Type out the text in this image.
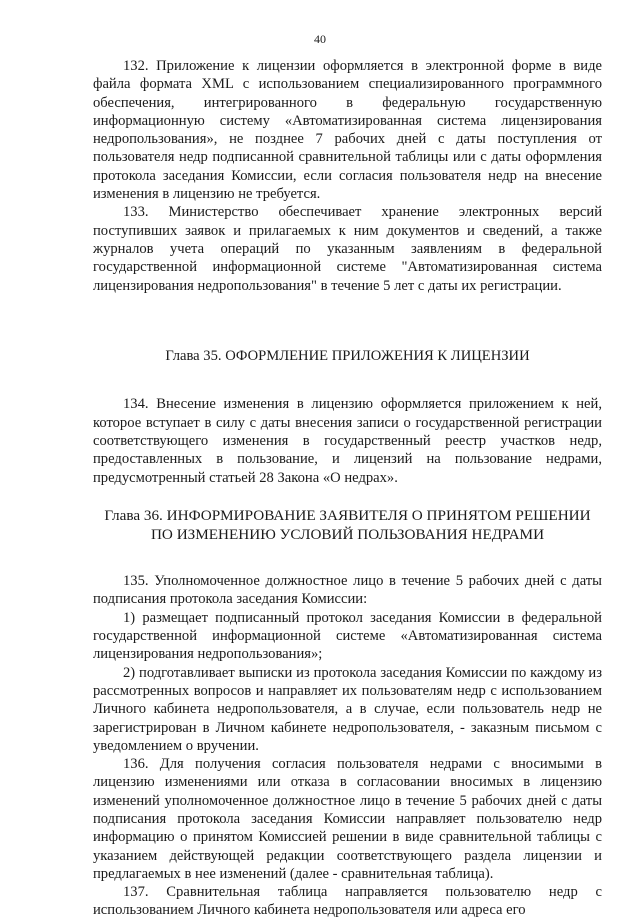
40

132. Приложение к лицензии оформляется в электронной форме в виде файла формата XML с использованием специализированного программного обеспечения, интегрированного в федеральную государственную информационную систему «Автоматизированная система лицензирования недропользования», не позднее 7 рабочих дней с даты поступления от пользователя недр подписанной сравнительной таблицы или с даты оформления протокола заседания Комиссии, если согласия пользователя недр на внесение изменения в лицензию не требуется.

133. Министерство обеспечивает хранение электронных версий поступивших заявок и прилагаемых к ним документов и сведений, а также журналов учета операций по указанным заявлениям в федеральной государственной информационной системе "Автоматизированная система лицензирования недропользования" в течение 5 лет с даты их регистрации.

Глава 35. ОФОРМЛЕНИЕ ПРИЛОЖЕНИЯ К ЛИЦЕНЗИИ

134. Внесение изменения в лицензию оформляется приложением к ней, которое вступает в силу с даты внесения записи о государственной регистрации соответствующего изменения в государственный реестр участков недр, предоставленных в пользование, и лицензий на пользование недрами, предусмотренный статьей 28 Закона «О недрах».

Глава 36. ИНФОРМИРОВАНИЕ ЗАЯВИТЕЛЯ О ПРИНЯТОМ РЕШЕНИИ
ПО ИЗМЕНЕНИЮ УСЛОВИЙ ПОЛЬЗОВАНИЯ НЕДРАМИ

135. Уполномоченное должностное лицо в течение 5 рабочих дней с даты подписания протокола заседания Комиссии:

1) размещает подписанный протокол заседания Комиссии в федеральной государственной информационной системе «Автоматизированная система лицензирования недропользования»;

2) подготавливает выписки из протокола заседания Комиссии по каждому из рассмотренных вопросов и направляет их пользователям недр с использованием Личного кабинета недропользователя, а в случае, если пользователь недр не зарегистрирован в Личном кабинете недропользователя, - заказным письмом с уведомлением о вручении.

136. Для получения согласия пользователя недрами с вносимыми в лицензию изменениями или отказа в согласовании вносимых в лицензию изменений уполномоченное должностное лицо в течение 5 рабочих дней с даты подписания протокола заседания Комиссии направляет пользователю недр информацию о принятом Комиссией решении в виде сравнительной таблицы с указанием действующей редакции соответствующего раздела лицензии и предлагаемых в нее изменений (далее - сравнительная таблица).

137. Сравнительная таблица направляется пользователю недр с использованием Личного кабинета недропользователя или адреса его
